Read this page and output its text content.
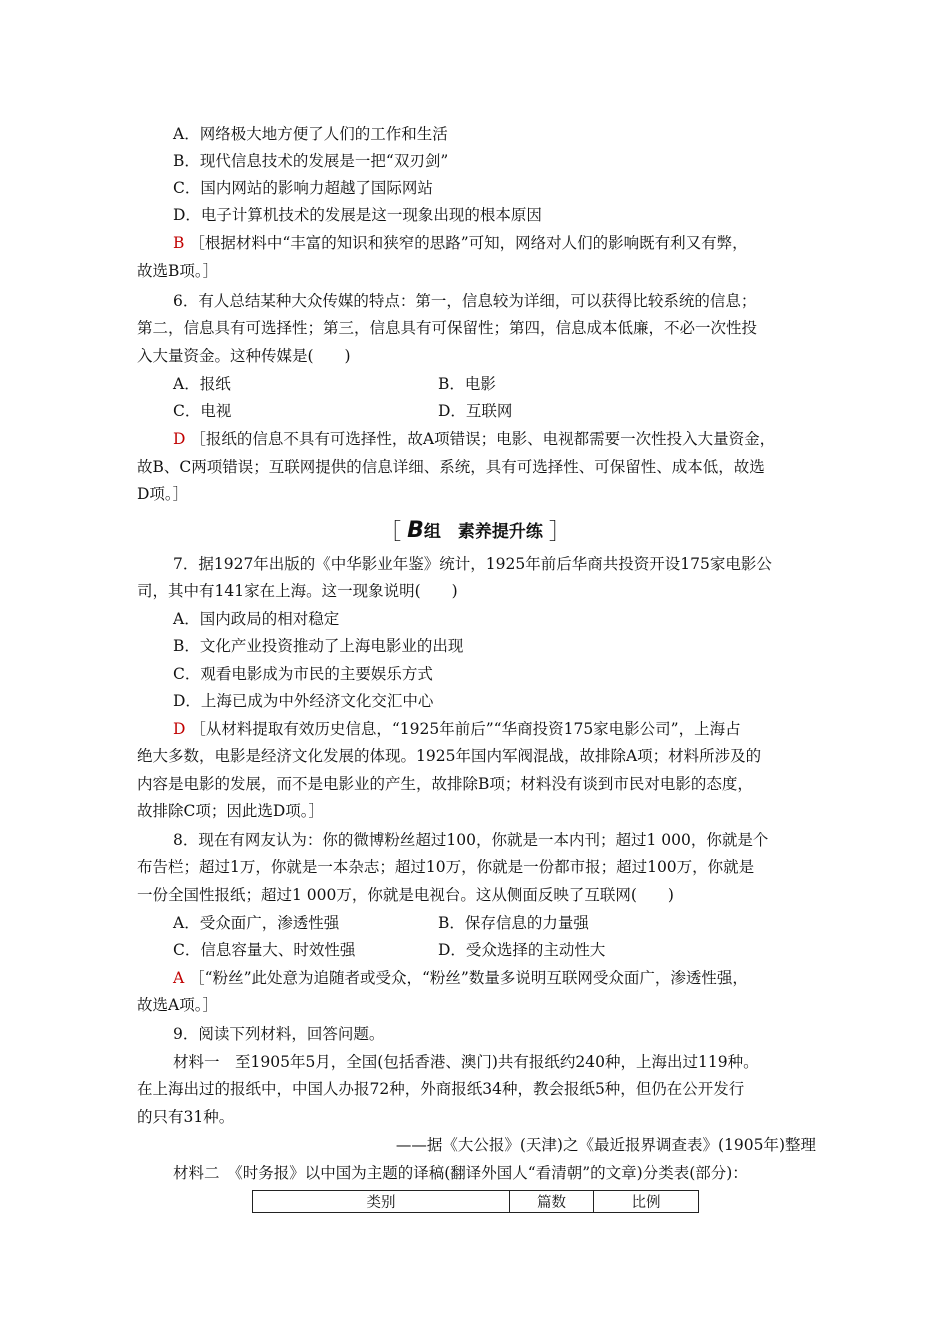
A．网络极大地方便了人们的工作和生活
B．现代信息技术的发展是一把“双刃剑”
C．国内网站的影响力超越了国际网站
D．电子计算机技术的发展是这一现象出现的根本原因
B ［根据材料中“丰富的知识和狭窄的思路”可知，网络对人们的影响既有利又有弊，
故选B项。］
6．有人总结某种大众传媒的特点：第一，信息较为详细，可以获得比较系统的信息；
第二，信息具有可选择性；第三，信息具有可保留性；第四，信息成本低廉，不必一次性投
入大量资金。这种传媒是(　　)
A．报纸	B．电影
C．电视	D．互联网
D ［报纸的信息不具有可选择性，故A项错误；电影、电视都需要一次性投入大量资金，
故B、C两项错误；互联网提供的信息详细、系统，具有可选择性、可保留性、成本低，故选
D项。］
［ B组　素养提升练 ］
7．据1927年出版的《中华影业年鉴》统计，1925年前后华商共投资开设175家电影公
司，其中有141家在上海。这一现象说明(　　)
A．国内政局的相对稳定
B．文化产业投资推动了上海电影业的出现
C．观看电影成为市民的主要娱乐方式
D．上海已成为中外经济文化交汇中心
D ［从材料提取有效历史信息，“1925年前后”“华商投资175家电影公司”，上海占
绝大多数，电影是经济文化发展的体现。1925年国内军阀混战，故排除A项；材料所涉及的
内容是电影的发展，而不是电影业的产生，故排除B项；材料没有谈到市民对电影的态度，
故排除C项；因此选D项。］
8．现在有网友认为：你的微博粉丝超过100，你就是一本内刊；超过1 000，你就是个
布告栏；超过1万，你就是一本杂志；超过10万，你就是一份都市报；超过100万，你就是
一份全国性报纸；超过1 000万，你就是电视台。这从侧面反映了互联网(　　)
A．受众面广，渗透性强	B．保存信息的力量强
C．信息容量大、时效性强	D．受众选择的主动性大
A ［“粉丝”此处意为追随者或受众，“粉丝”数量多说明互联网受众面广，渗透性强，
故选A项。］
9．阅读下列材料，回答问题。
材料一　至1905年5月，全国(包括香港、澳门)共有报纸约240种，上海出过119种。
在上海出过的报纸中，中国人办报72种，外商报纸34种，教会报纸5种，但仍在公开发行
的只有31种。
——据《大公报》(天津)之《最近报界调查表》(1905年)整理
材料二　《时务报》以中国为主题的译稿(翻译外国人“看清朝”的文章)分类表(部分)：
类别	篇数	比例
